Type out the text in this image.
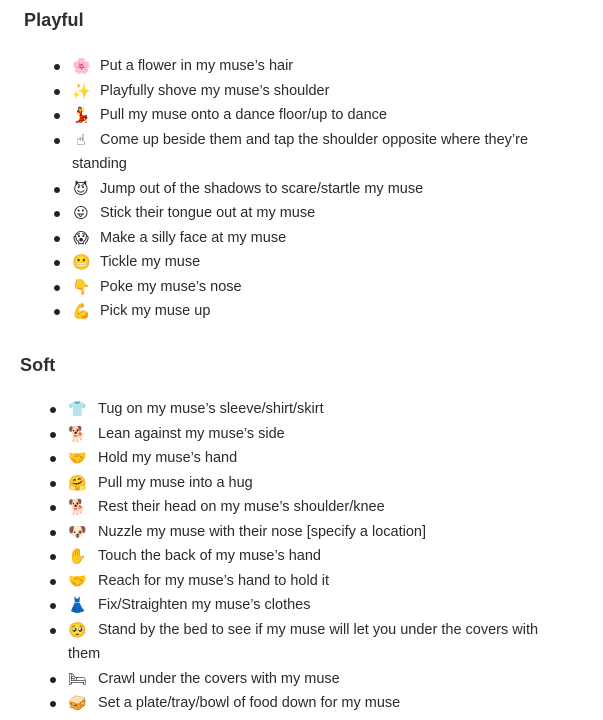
Playful
🌸 Put a flower in my muse’s hair
✨ Playfully shove my muse’s shoulder
💃 Pull my muse onto a dance floor/up to dance
☝ Come up beside them and tap the shoulder opposite where they’re
standing
😈 Jump out of the shadows to scare/startle my muse
😛 Stick their tongue out at my muse
😱 Make a silly face at my muse
😬 Tickle my muse
👇 Poke my muse’s nose
💪 Pick my muse up
Soft
👕 Tug on my muse’s sleeve/shirt/skirt
🐕 Lean against my muse’s side
🤝 Hold my muse’s hand
🤗 Pull my muse into a hug
🐕 Rest their head on my muse’s shoulder/knee
🐶 Nuzzle my muse with their nose [specify a location]
✋ Touch the back of my muse’s hand
🤝 Reach for my muse’s hand to hold it
👗 Fix/Straighten my muse’s clothes
🥺 Stand by the bed to see if my muse will let you under the covers with
them
🛏 Crawl under the covers with my muse
🥪 Set a plate/tray/bowl of food down for my muse
